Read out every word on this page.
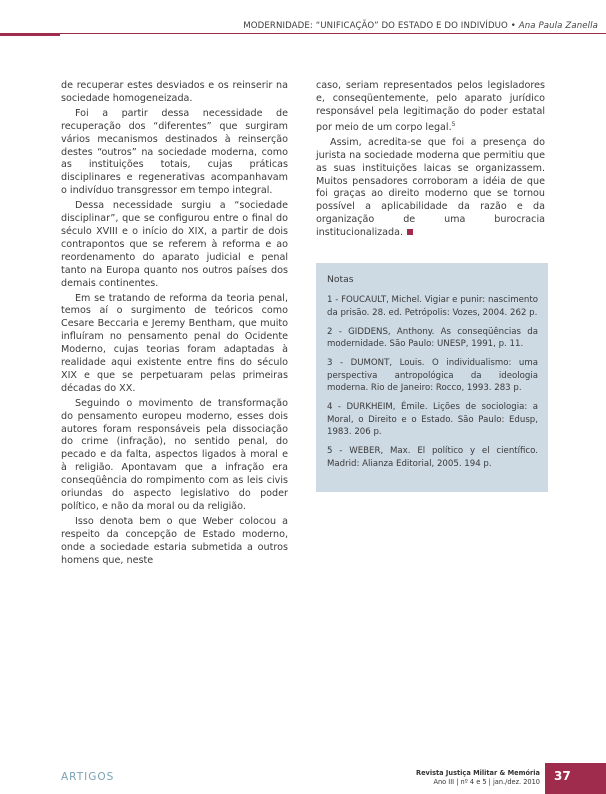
MODERNIDADE: “UNIFICAÇÃO” DO ESTADO E DO INDIVÍDUO • Ana Paula Zanella

de recuperar estes desviados e os reinserir na sociedade homogeneizada.

Foi a partir dessa necessidade de recuperação dos “diferentes” que surgiram vários mecanismos destinados à reinserção destes “outros” na sociedade moderna, como as instituições totais, cujas práticas disciplinares e regenerativas acompanhavam o indivíduo transgressor em tempo integral.

Dessa necessidade surgiu a “sociedade disciplinar”, que se configurou entre o final do século XVIII e o início do XIX, a partir de dois contrapontos que se referem à reforma e ao reordenamento do aparato judicial e penal tanto na Europa quanto nos outros países dos demais continentes.

Em se tratando de reforma da teoria penal, temos aí o surgimento de teóricos como Cesare Beccaria e Jeremy Bentham, que muito influíram no pensamento penal do Ocidente Moderno, cujas teorias foram adaptadas à realidade aqui existente entre fins do século XIX e que se perpetuaram pelas primeiras décadas do XX.

Seguindo o movimento de transformação do pensamento europeu moderno, esses dois autores foram responsáveis pela dissociação do crime (infração), no sentido penal, do pecado e da falta, aspectos ligados à moral e à religião. Apontavam que a infração era conseqüência do rompimento com as leis civis oriundas do aspecto legislativo do poder político, e não da moral ou da religião.

Isso denota bem o que Weber colocou a respeito da concepção de Estado moderno, onde a sociedade estaria submetida a outros homens que, neste

caso, seriam representados pelos legisladores e, conseqüentemente, pelo aparato jurídico responsável pela legitimação do poder estatal por meio de um corpo legal.$^5$

Assim, acredita-se que foi a presença do jurista na sociedade moderna que permitiu que as suas instituições laicas se organizassem. Muitos pensadores corroboram a idéia de que foi graças ao direito moderno que se tornou possível a aplicabilidade da razão e da organização de uma burocracia institucionalizada.

Notas
1 - FOUCAULT, Michel. Vigiar e punir: nascimento da prisão. 28. ed. Petrópolis: Vozes, 2004. 262 p.
2 - GIDDENS, Anthony. As conseqüências da modernidade. São Paulo: UNESP, 1991, p. 11.
3 - DUMONT, Louis. O individualismo: uma perspectiva antropológica da ideologia moderna. Rio de Janeiro: Rocco, 1993. 283 p.
4 - DURKHEIM, Émile. Lições de sociologia: a Moral, o Direito e o Estado. São Paulo: Edusp, 1983. 206 p.
5 - WEBER, Max. El político y el científico. Madrid: Alianza Editorial, 2005. 194 p.
ARTIGOS	Revista Justiça Militar & Memória
Ano III | nº 4 e 5 | jan./dez. 2010	37
